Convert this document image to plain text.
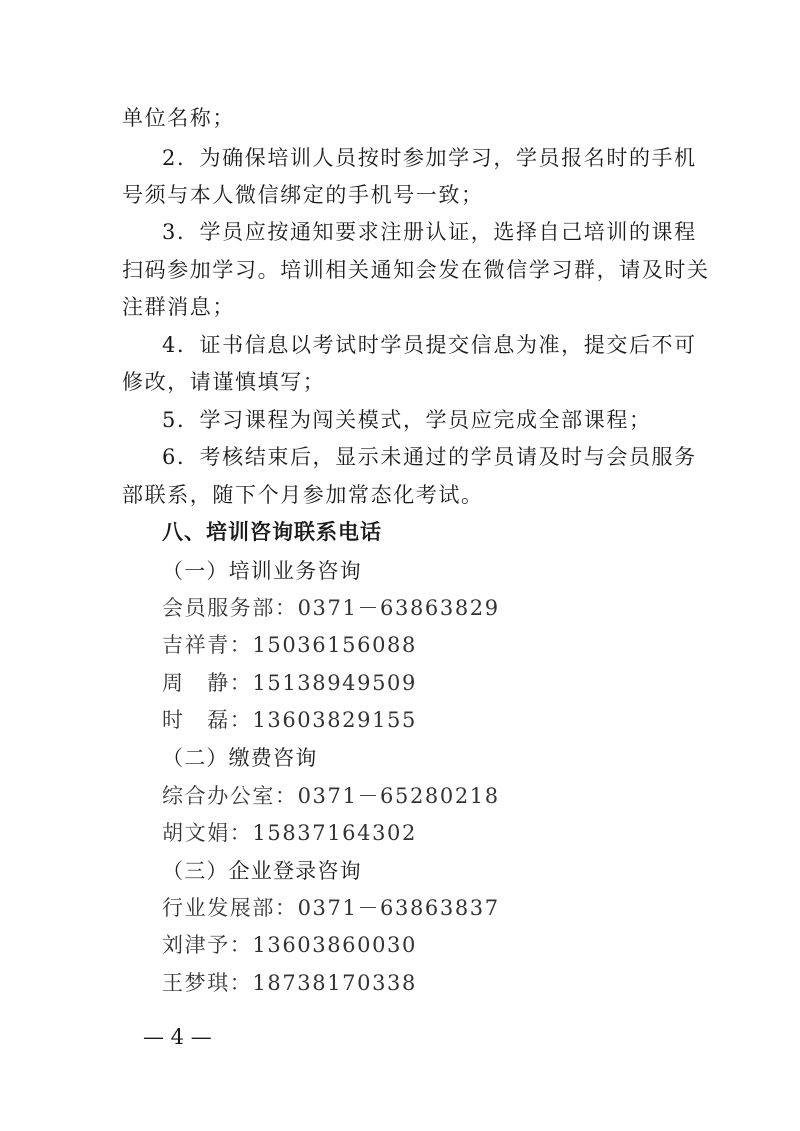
单位名称；
2．为确保培训人员按时参加学习，学员报名时的手机
号须与本人微信绑定的手机号一致；
3．学员应按通知要求注册认证，选择自己培训的课程
扫码参加学习。培训相关通知会发在微信学习群，请及时关
注群消息；
4．证书信息以考试时学员提交信息为准，提交后不可
修改，请谨慎填写；
5．学习课程为闯关模式，学员应完成全部课程；
6．考核结束后，显示未通过的学员请及时与会员服务
部联系，随下个月参加常态化考试。
八、培训咨询联系电话
（一）培训业务咨询
会员服务部：0371－63863829
吉祥青：15036156088
周　静：15138949509
时　磊：13603829155
（二）缴费咨询
综合办公室：0371－65280218
胡文娟：15837164302
（三）企业登录咨询
行业发展部：0371－63863837
刘津予：13603860030
王梦琪：18738170338
— 4 —
